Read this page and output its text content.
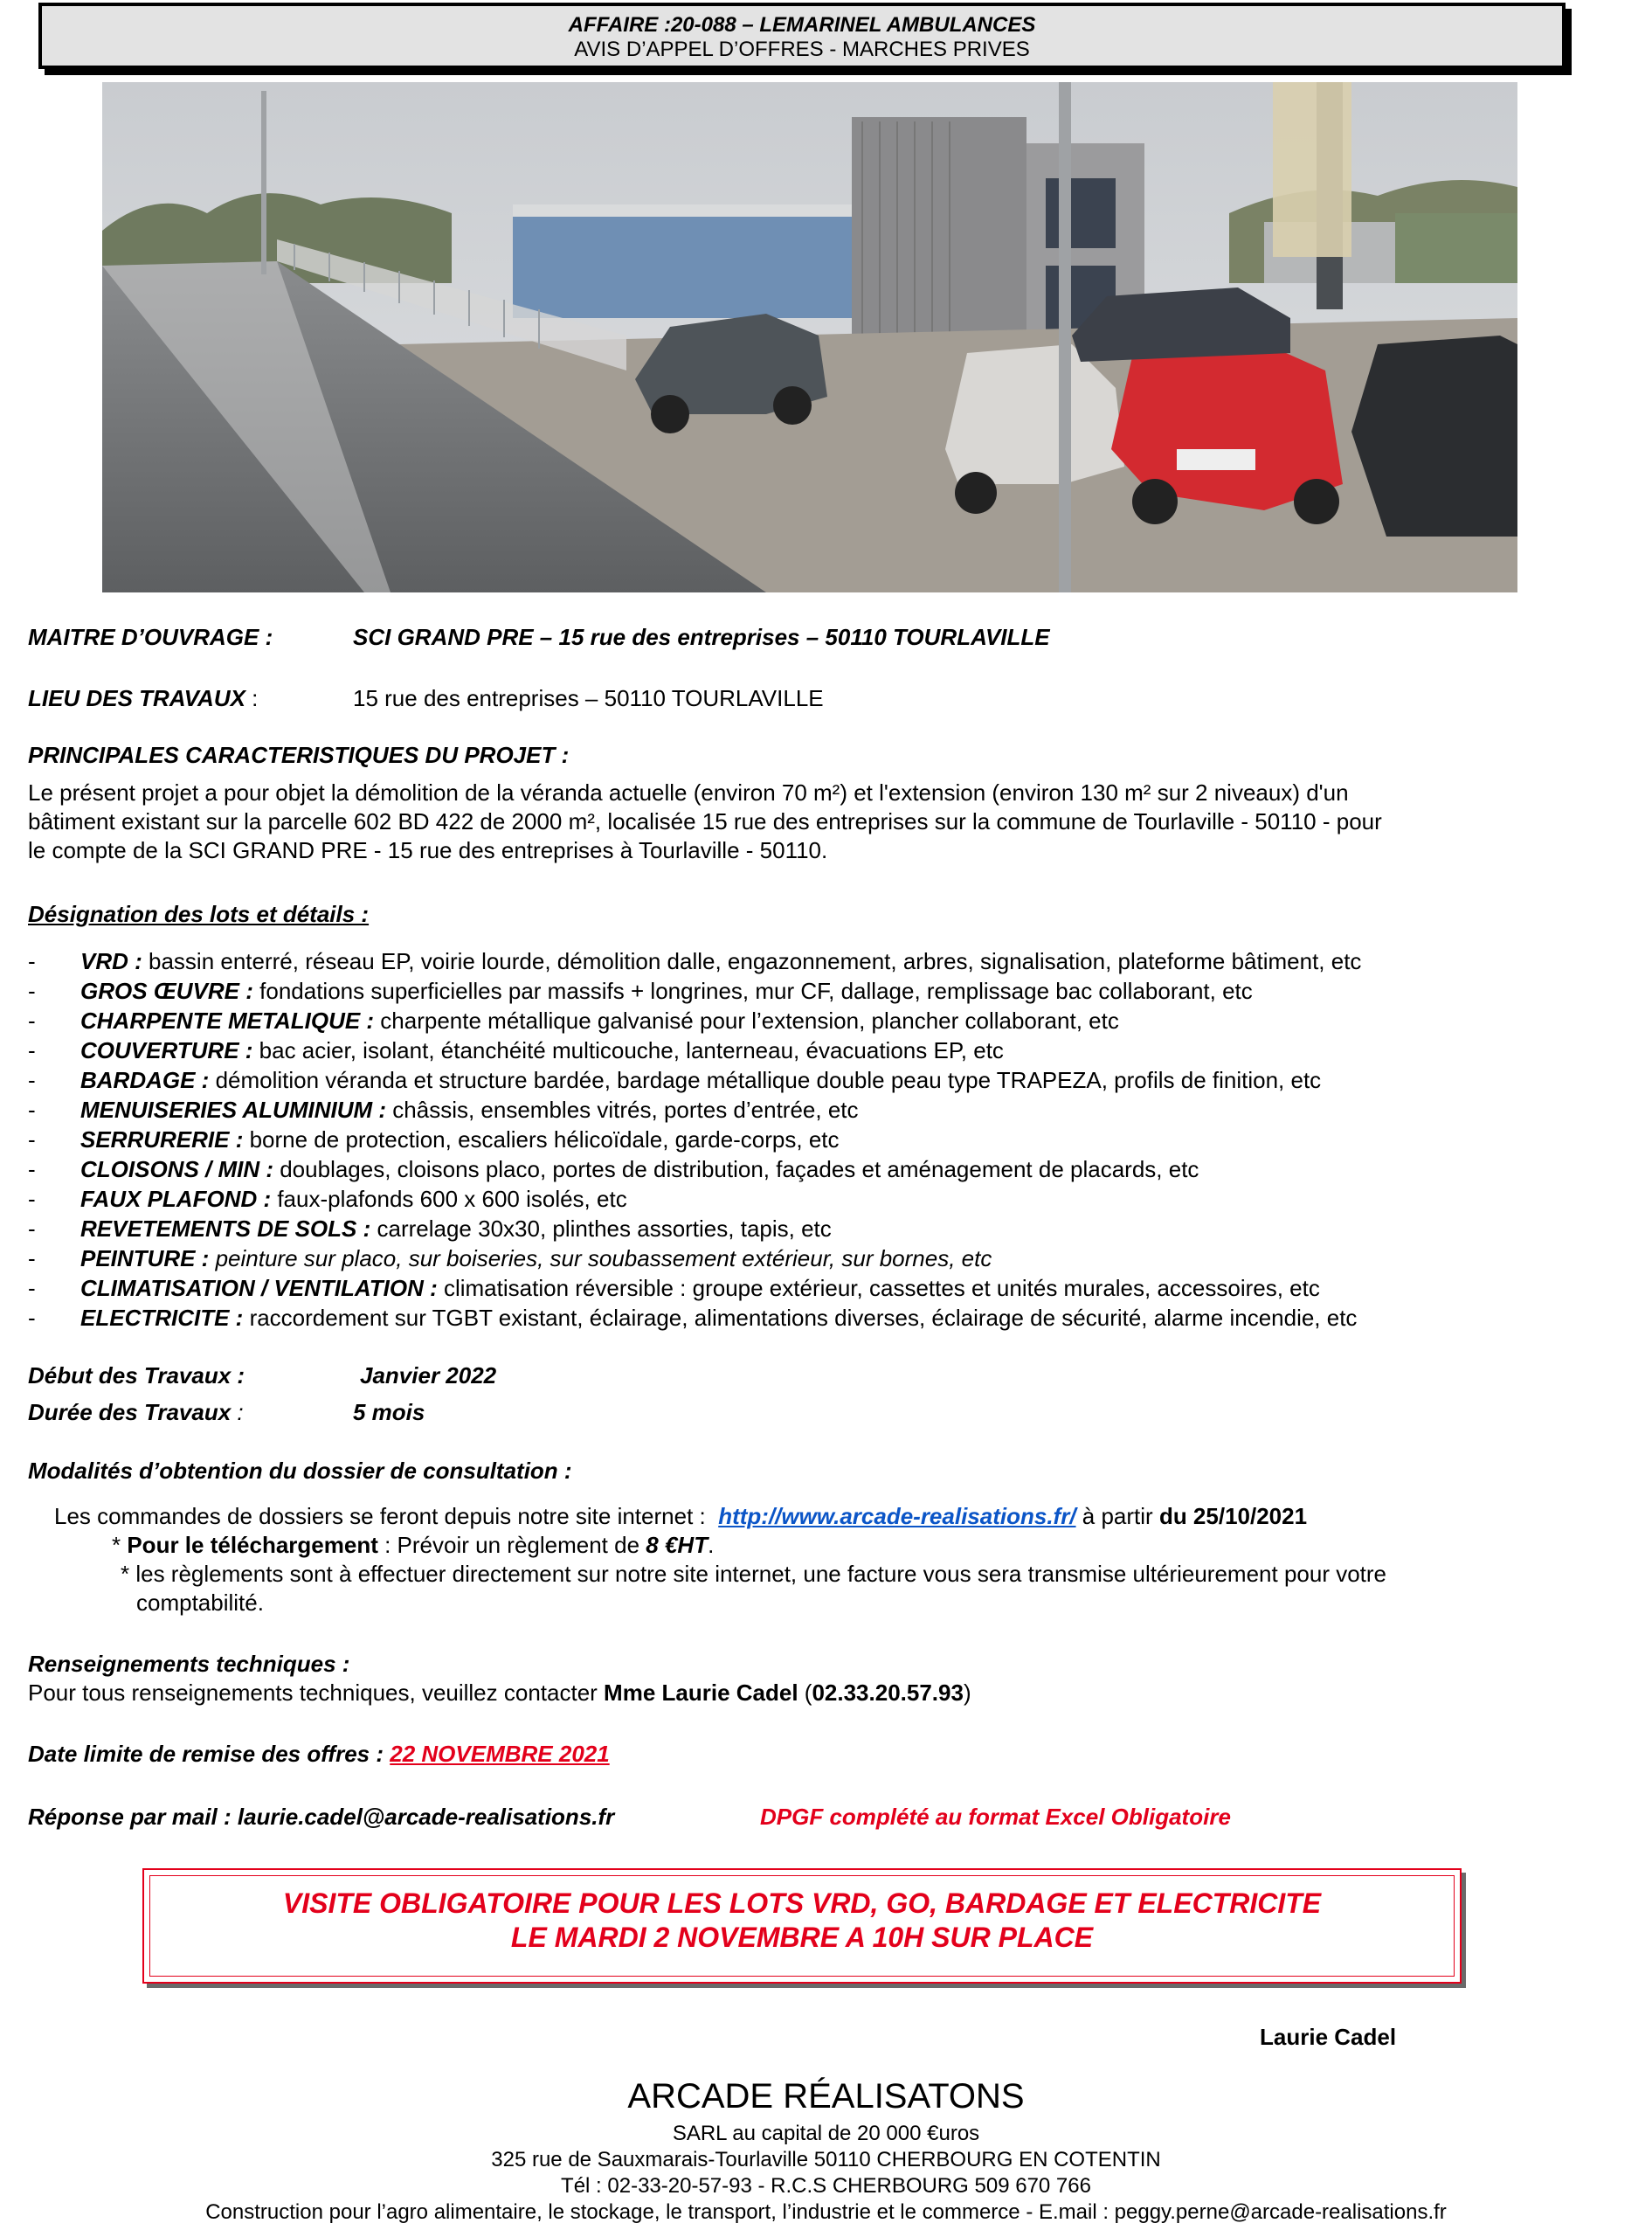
AFFAIRE :20-088 – LEMARINEL AMBULANCES
AVIS D’APPEL D’OFFRES - MARCHES PRIVES
MAITRE D’OUVRAGE :	SCI GRAND PRE – 15 rue des entreprises – 50110 TOURLAVILLE
LIEU DES TRAVAUX :	15 rue des entreprises – 50110 TOURLAVILLE
PRINCIPALES CARACTERISTIQUES DU PROJET :
Le présent projet a pour objet la démolition de la véranda actuelle (environ 70 m²) et l'extension (environ 130 m² sur 2 niveaux) d'un
bâtiment existant sur la parcelle 602 BD 422 de 2000 m², localisée 15 rue des entreprises sur la commune de Tourlaville - 50110 - pour
le compte de la SCI GRAND PRE - 15 rue des entreprises à Tourlaville - 50110.
Désignation des lots et détails :
-	VRD : bassin enterré, réseau EP, voirie lourde, démolition dalle, engazonnement, arbres, signalisation, plateforme bâtiment, etc
-	GROS ŒUVRE : fondations superficielles par massifs + longrines, mur CF, dallage, remplissage bac collaborant, etc
-	CHARPENTE METALIQUE : charpente métallique galvanisé pour l’extension, plancher collaborant, etc
-	COUVERTURE : bac acier, isolant, étanchéité multicouche, lanterneau, évacuations EP, etc
-	BARDAGE : démolition véranda et structure bardée, bardage métallique double peau type TRAPEZA, profils de finition, etc
-	MENUISERIES ALUMINIUM : châssis, ensembles vitrés, portes d’entrée, etc
-	SERRURERIE : borne de protection, escaliers hélicoïdale, garde-corps, etc
-	CLOISONS / MIN : doublages, cloisons placo, portes de distribution, façades et aménagement de placards, etc
-	FAUX PLAFOND : faux-plafonds 600 x 600 isolés, etc
-	REVETEMENTS DE SOLS : carrelage 30x30, plinthes assorties, tapis, etc
-	PEINTURE : peinture sur placo, sur boiseries, sur soubassement extérieur, sur bornes, etc
-	CLIMATISATION / VENTILATION : climatisation réversible : groupe extérieur, cassettes et unités murales, accessoires, etc
-	ELECTRICITE : raccordement sur TGBT existant, éclairage, alimentations diverses, éclairage de sécurité, alarme incendie, etc
Début des Travaux :	Janvier 2022
Durée des Travaux :	5 mois
Modalités d’obtention du dossier de consultation :
Les commandes de dossiers se feront depuis notre site internet :  http://www.arcade-realisations.fr/ à partir du 25/10/2021
* Pour le téléchargement : Prévoir un règlement de 8 €HT.
* les règlements sont à effectuer directement sur notre site internet, une facture vous sera transmise ultérieurement pour votre
comptabilité.
Renseignements techniques :
Pour tous renseignements techniques, veuillez contacter Mme Laurie Cadel (02.33.20.57.93)
Date limite de remise des offres : 22 NOVEMBRE 2021
Réponse par mail : laurie.cadel@arcade-realisations.fr	DPGF complété au format Excel Obligatoire
VISITE OBLIGATOIRE POUR LES LOTS VRD, GO, BARDAGE ET ELECTRICITE
LE MARDI 2 NOVEMBRE A 10H SUR PLACE
Laurie Cadel
ARCADE RÉALISATONS
SARL au capital de 20 000 €uros
325 rue de Sauxmarais-Tourlaville 50110 CHERBOURG EN COTENTIN
Tél : 02-33-20-57-93 - R.C.S CHERBOURG 509 670 766
Construction pour l’agro alimentaire, le stockage, le transport, l’industrie et le commerce - E.mail : peggy.perne@arcade-realisations.fr
